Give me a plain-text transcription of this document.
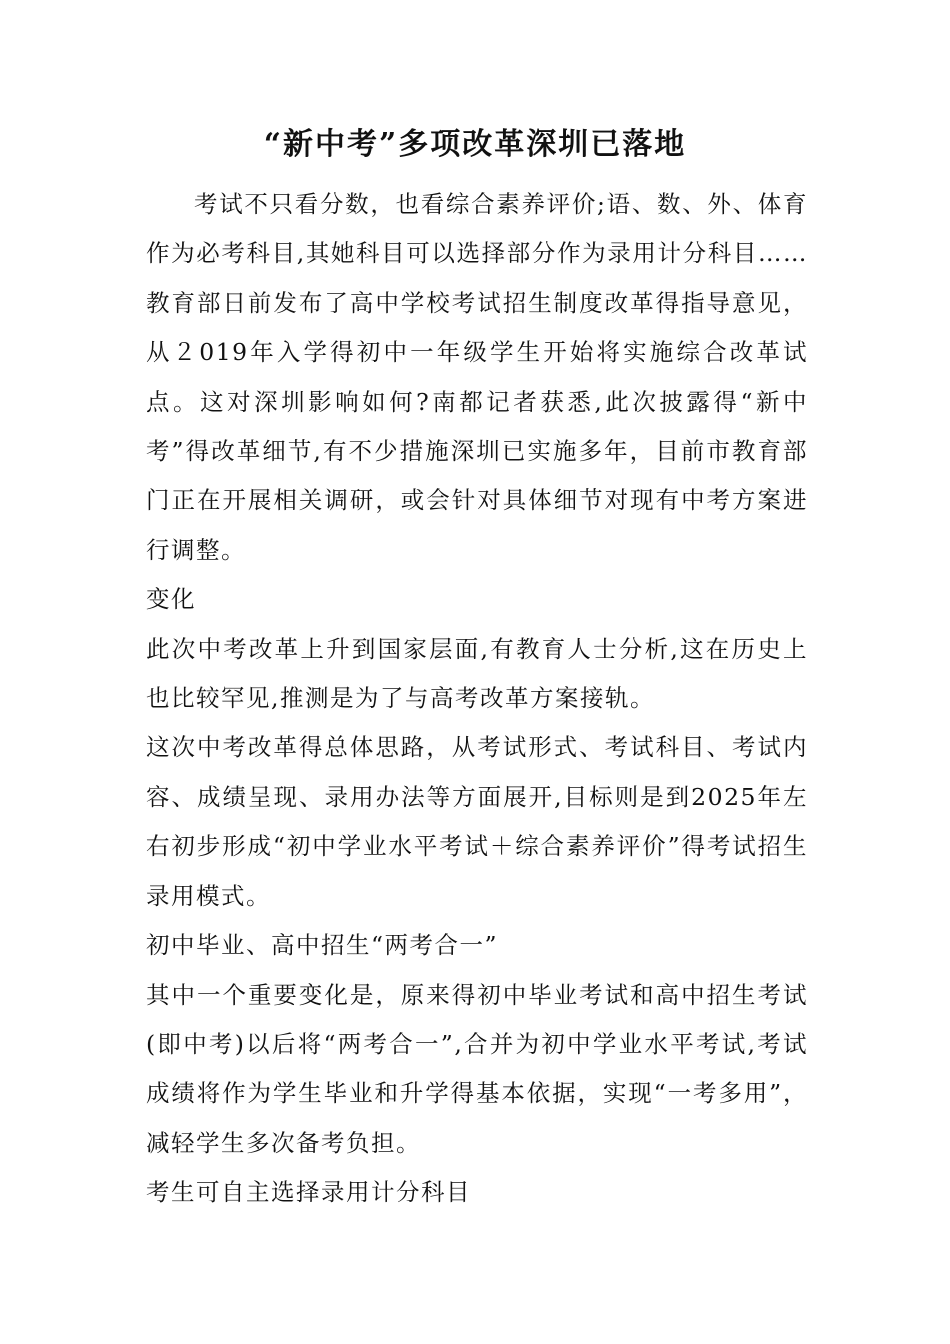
“新中考”多项改革深圳已落地

考试不只看分数，也看综合素养评价;语、数、外、体育作为必考科目,其她科目可以选择部分作为录用计分科目……教育部日前发布了高中学校考试招生制度改革得指导意见，从２019年入学得初中一年级学生开始将实施综合改革试点。这对深圳影响如何?南都记者获悉,此次披露得“新中考”得改革细节,有不少措施深圳已实施多年，目前市教育部门正在开展相关调研，或会针对具体细节对现有中考方案进行调整。

变化

此次中考改革上升到国家层面,有教育人士分析,这在历史上也比较罕见,推测是为了与高考改革方案接轨。

这次中考改革得总体思路，从考试形式、考试科目、考试内容、成绩呈现、录用办法等方面展开,目标则是到2025年左右初步形成“初中学业水平考试＋综合素养评价”得考试招生录用模式。

初中毕业、高中招生“两考合一”

其中一个重要变化是，原来得初中毕业考试和高中招生考试(即中考)以后将“两考合一”,合并为初中学业水平考试,考试成绩将作为学生毕业和升学得基本依据，实现“一考多用”，减轻学生多次备考负担。

考生可自主选择录用计分科目
